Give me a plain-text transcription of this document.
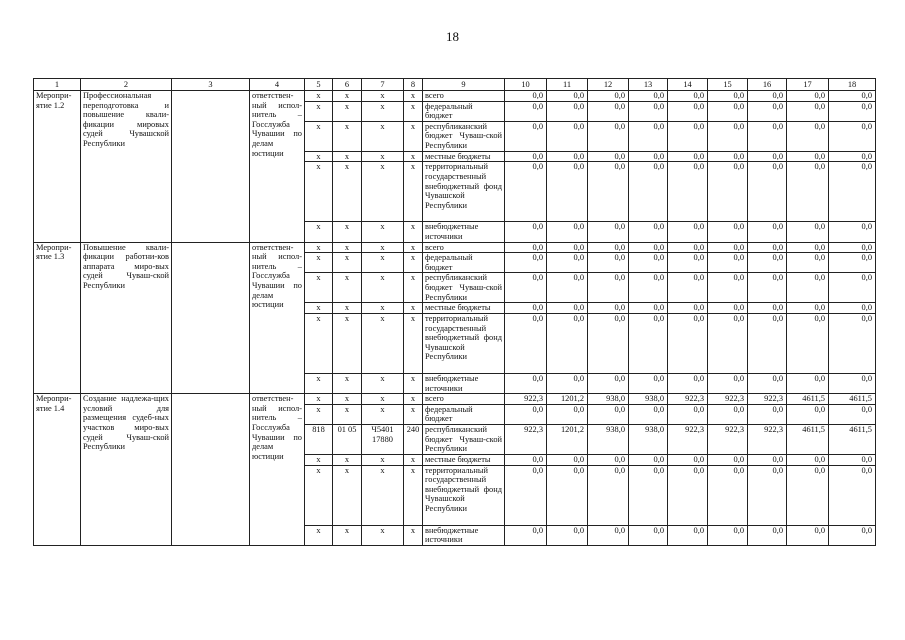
18
1	2	3	4	5	6	7	8	9	10	11	12	13	14	15	16	17	18
Меропри-ятие 1.2	Профессиональная переподготовка и повышение квали-фикации мировых судей Чувашской Республики		ответствен-ный испол-нитель – Госслужба Чувашии по делам юстиции	x	x	x	x	всего	0,0	0,0	0,0	0,0	0,0	0,0	0,0	0,0	0,0
				x	x	x	x	федеральный бюджет	0,0	0,0	0,0	0,0	0,0	0,0	0,0	0,0	0,0
				x	x	x	x	республиканский бюджет Чуваш-ской Республики	0,0	0,0	0,0	0,0	0,0	0,0	0,0	0,0	0,0
				x	x	x	x	местные бюджеты	0,0	0,0	0,0	0,0	0,0	0,0	0,0	0,0	0,0
				x	x	x	x	территориальный государственный внебюджетный фонд Чувашской Республики	0,0	0,0	0,0	0,0	0,0	0,0	0,0	0,0	0,0
				x	x	x	x	внебюджетные источники	0,0	0,0	0,0	0,0	0,0	0,0	0,0	0,0	0,0
Меропри-ятие 1.3	Повышение квали-фикации работни-ков аппарата миро-вых судей Чуваш-ской Республики		ответствен-ный испол-нитель – Госслужба Чувашии по делам юстиции	x	x	x	x	всего	0,0	0,0	0,0	0,0	0,0	0,0	0,0	0,0	0,0
				x	x	x	x	федеральный бюджет	0,0	0,0	0,0	0,0	0,0	0,0	0,0	0,0	0,0
				x	x	x	x	республиканский бюджет Чуваш-ской Республики	0,0	0,0	0,0	0,0	0,0	0,0	0,0	0,0	0,0
				x	x	x	x	местные бюджеты	0,0	0,0	0,0	0,0	0,0	0,0	0,0	0,0	0,0
				x	x	x	x	территориальный государственный внебюджетный фонд Чувашской Республики	0,0	0,0	0,0	0,0	0,0	0,0	0,0	0,0	0,0
				x	x	x	x	внебюджетные источники	0,0	0,0	0,0	0,0	0,0	0,0	0,0	0,0	0,0
Меропри-ятие 1.4	Создание надлежа-щих условий для размещения судеб-ных участков миро-вых судей Чуваш-ской Республики		ответствен-ный испол-нитель – Госслужба Чувашии по делам юстиции	x	x	x	x	всего	922,3	1201,2	938,0	938,0	922,3	922,3	922,3	4611,5	4611,5
				x	x	x	x	федеральный бюджет	0,0	0,0	0,0	0,0	0,0	0,0	0,0	0,0	0,0
				818	01 05	Ч5401 17880	240	республиканский бюджет Чуваш-ской Республики	922,3	1201,2	938,0	938,0	922,3	922,3	922,3	4611,5	4611,5
				x	x	x	x	местные бюджеты	0,0	0,0	0,0	0,0	0,0	0,0	0,0	0,0	0,0
				x	x	x	x	территориальный государственный внебюджетный фонд Чувашской Республики	0,0	0,0	0,0	0,0	0,0	0,0	0,0	0,0	0,0
				x	x	x	x	внебюджетные источники	0,0	0,0	0,0	0,0	0,0	0,0	0,0	0,0	0,0
